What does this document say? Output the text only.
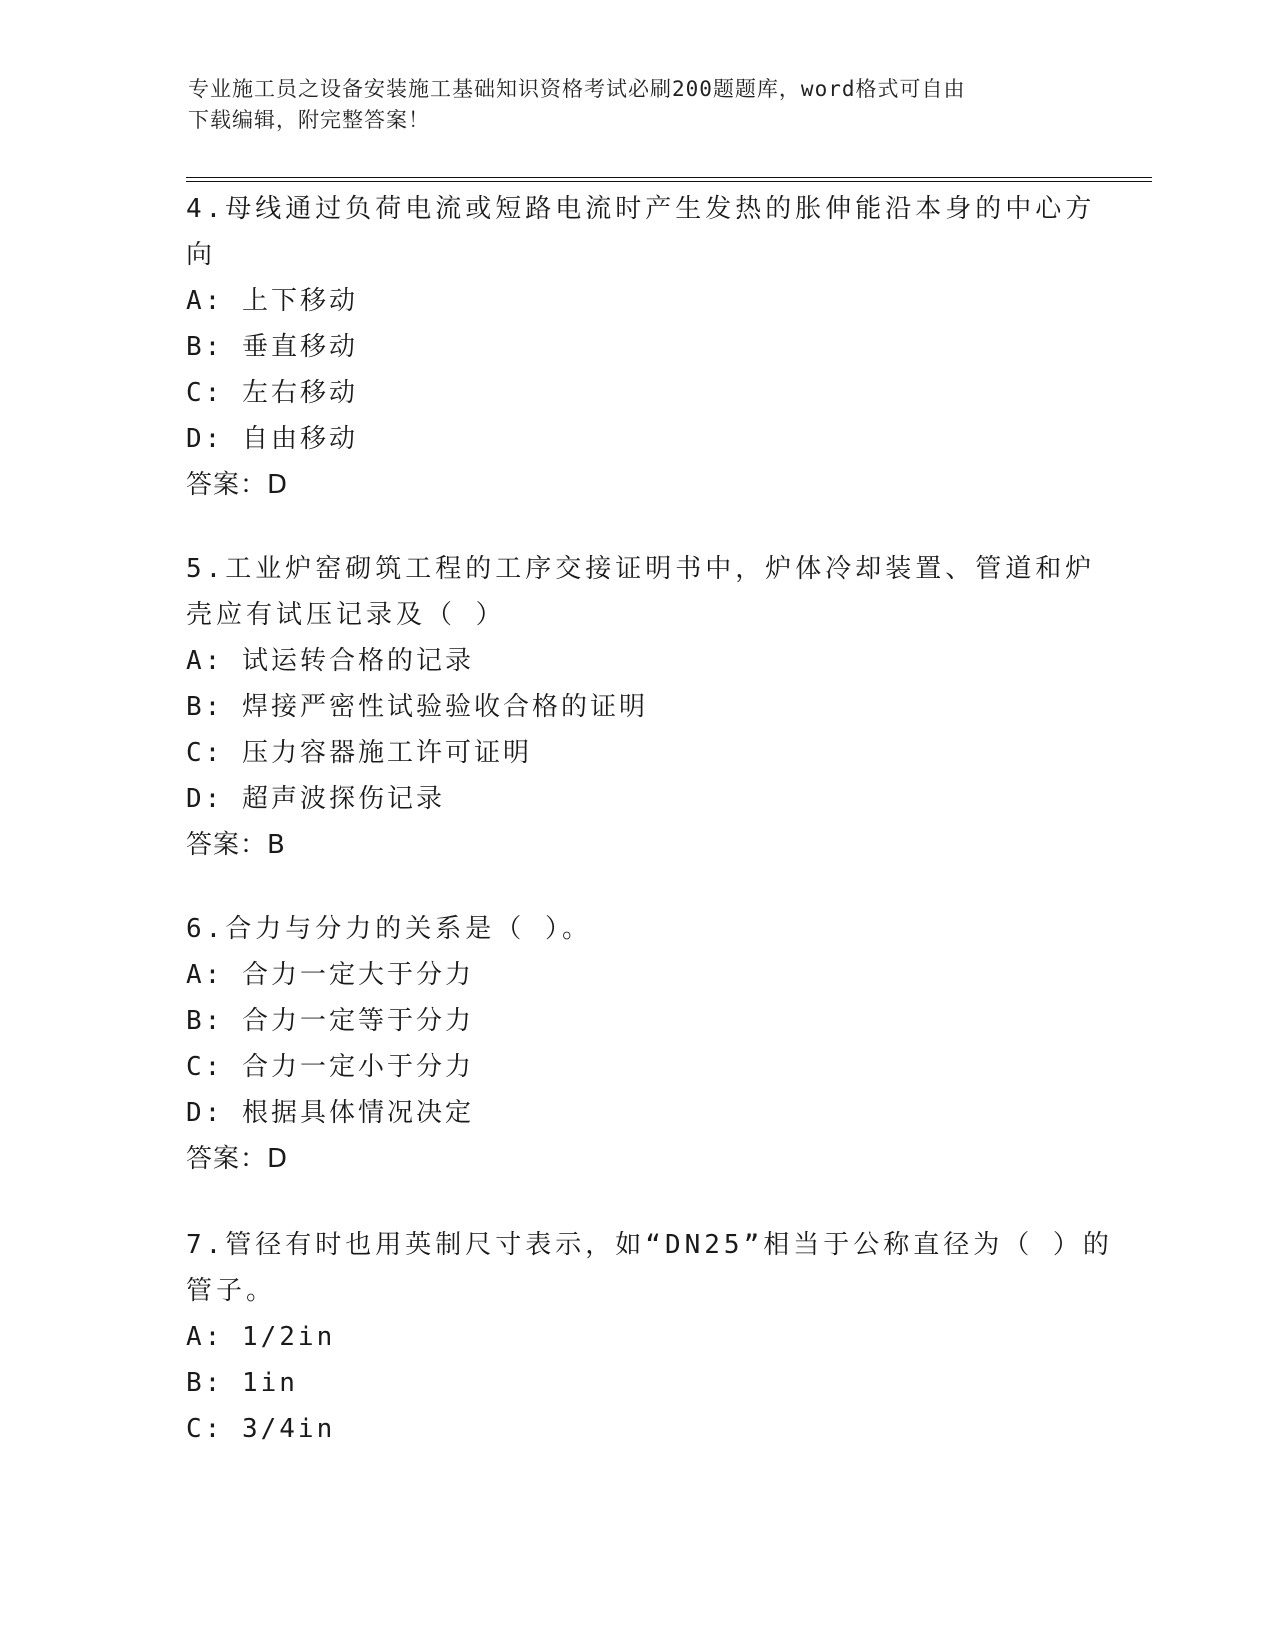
专业施工员之设备安装施工基础知识资格考试必刷200题题库，word格式可自由
下载编辑，附完整答案！
4.母线通过负荷电流或短路电流时产生发热的胀伸能沿本身的中心方
向
A: 上下移动
B: 垂直移动
C: 左右移动
D: 自由移动
答案：D
5.工业炉窑砌筑工程的工序交接证明书中，炉体冷却装置、管道和炉
壳应有试压记录及（ ）
A: 试运转合格的记录
B: 焊接严密性试验验收合格的证明
C: 压力容器施工许可证明
D: 超声波探伤记录
答案：B
6.合力与分力的关系是（ ）。
A: 合力一定大于分力
B: 合力一定等于分力
C: 合力一定小于分力
D: 根据具体情况决定
答案：D
7.管径有时也用英制尺寸表示，如“DN25”相当于公称直径为（ ）的
管子。
A: 1/2in
B: 1in
C: 3/4in
